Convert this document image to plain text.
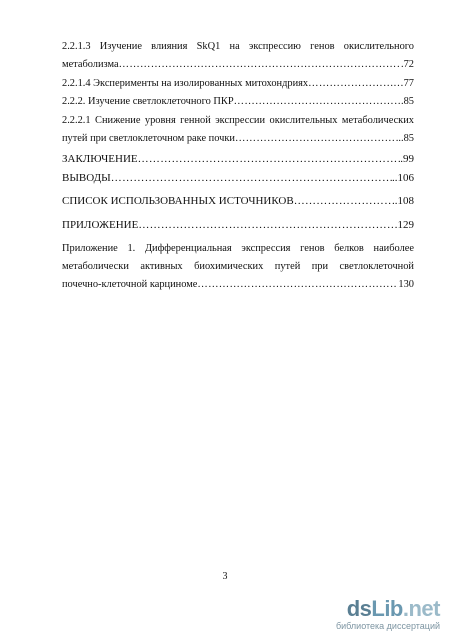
2.2.1.3 Изучение влияния SkQ1 на экспрессию генов окислительного
метаболизма ……………………………………………………………………………………………………………………………………	.72
2.2.1.4 Эксперименты на изолированных митохондриях ……………………………………………………………………………………………………………………………………	…77
2.2.2. Изучение светлоклеточного ПКР ……………………………………………………………………………………………………………………………………	.85
2.2.2.1 Снижение уровня генной экспрессии окислительных метаболических
путей при светлоклеточном раке почки ……………………………………………………………………………………………………………………………………	..85
ЗАКЛЮЧЕНИЕ ……………………………………………………………………………………………………………………………………	.99
ВЫВОДЫ ……………………………………………………………………………………………………………………………………	..106
СПИСОК ИСПОЛЬЗОВАННЫХ ИСТОЧНИКОВ ……………………………………………………………………………………………………………………………………	..108
ПРИЛОЖЕНИЕ ……………………………………………………………………………………………………………………………………	129
Приложение 1. Дифференциальная экспрессия генов белков наиболее
метаболически активных биохимических путей при светлоклеточной
почечно-клеточной карциноме ……………………………………………………………………………………………………………………………………	130
3
dsLib.net
библиотека диссертаций
